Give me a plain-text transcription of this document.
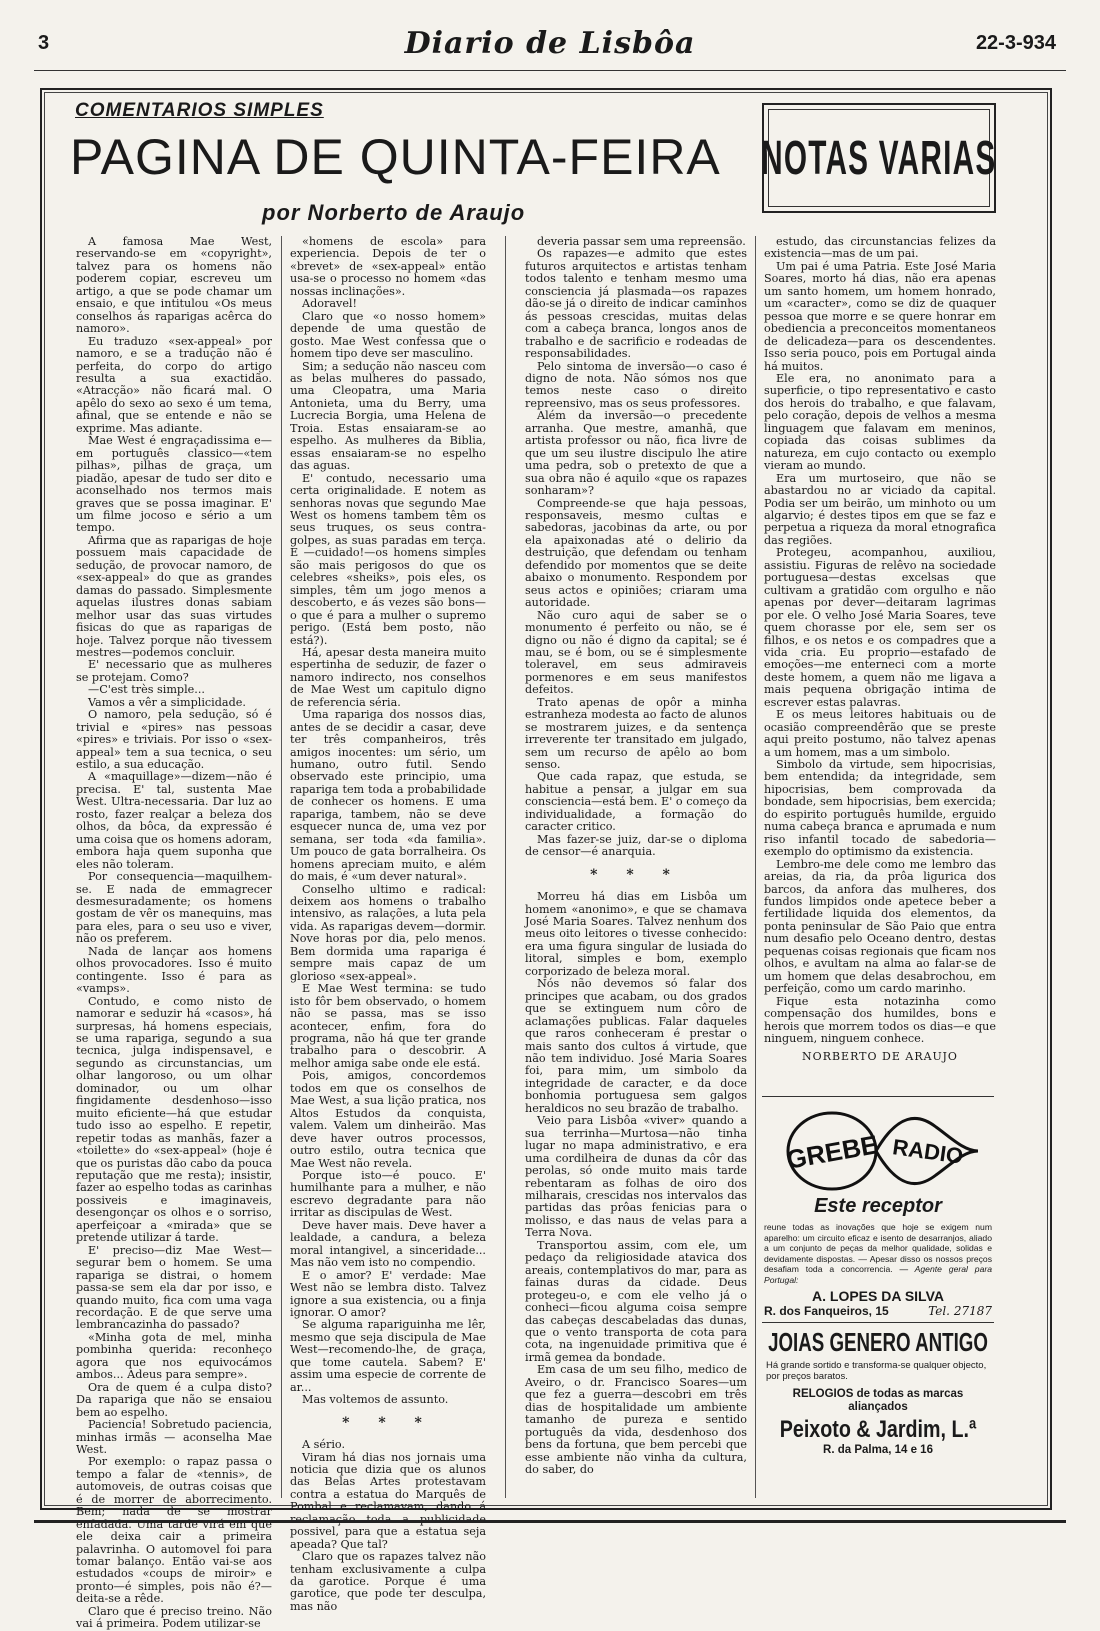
3	Diario de Lisbôa	22-3-934
COMENTARIOS SIMPLES
PAGINA DE QUINTA-FEIRA
por Norberto de Araujo
NOTAS VARIAS

A famosa Mae West, reservando-se em «copyright», talvez para os homens não poderem copiar, escreveu um artigo, a que se pode chamar um ensaio, e que intitulou «Os meus conselhos ás raparigas acêrca do namoro».

Eu traduzo «sex-appeal» por namoro, e se a tradução não é perfeita, do corpo do artigo resulta a sua exactidão. «Atracção» não ficará mal. O apêlo do sexo ao sexo é um tema, afinal, que se entende e não se exprime. Mas adiante.

Mae West é engraçadissima e—em português classico—«tem pilhas», pilhas de graça, um piadão, apesar de tudo ser dito e aconselhado nos termos mais graves que se possa imaginar. E' um filme jocoso e sério a um tempo.

Afirma que as raparigas de hoje possuem mais capacidade de sedução, de provocar namoro, de «sex-appeal» do que as grandes damas do passado. Simplesmente aquelas ilustres donas sabiam melhor usar das suas virtudes fisicas do que as raparigas de hoje. Talvez porque não tivessem mestres—podemos concluir.

E' necessario que as mulheres se protejam. Como?

—C'est très simple...

Vamos a vêr a simplicidade.

O namoro, pela sedução, só é trivial e «pires» nas pessoas «pires» e triviais. Por isso o «sex-appeal» tem a sua tecnica, o seu estilo, a sua educação.

A «maquillage»—dizem—não é precisa. E' tal, sustenta Mae West. Ultra-necessaria. Dar luz ao rosto, fazer realçar a beleza dos olhos, da bôca, da expressão é uma coisa que os homens adoram, embora haja quem suponha que eles não toleram.

Por consequencia—maquilhem-se. E nada de emmagrecer desmesuradamente; os homens gostam de vêr os manequins, mas para eles, para o seu uso e viver, não os preferem.

Nada de lançar aos homens olhos provocadores. Isso é muito contingente. Isso é para as «vamps».

Contudo, e como nisto de namorar e seduzir há «casos», há surpresas, há homens especiais, se uma rapariga, segundo a sua tecnica, julga indispensavel, e segundo as circunstancias, um olhar langoroso, ou um olhar dominador, ou um olhar fingidamente desdenhoso—isso muito eficiente—há que estudar tudo isso ao espelho. E repetir, repetir todas as manhãs, fazer a «toilette» do «sex-appeal» (hoje é que os puristas dão cabo da pouca reputação que me resta); insistir, fazer ao espelho todas as carinhas possiveis e imaginaveis, desengonçar os olhos e o sorriso, aperfeiçoar a «mirada» que se pretende utilizar á tarde.

E' preciso—diz Mae West—segurar bem o homem. Se uma rapariga se distrai, o homem passa-se sem ela dar por isso, e quando muito, fica com uma vaga recordação. E de que serve uma lembrancazinha do passado?

«Minha gota de mel, minha pombinha querida: reconheço agora que nos equivocámos ambos... Adeus para sempre».

Ora de quem é a culpa disto? Da rapariga que não se ensaiou bem ao espelho.

Paciencia! Sobretudo paciencia, minhas irmãs — aconselha Mae West.

Por exemplo: o rapaz passa o tempo a falar de «tennis», de automoveis, de outras coisas que é de morrer de aborrecimento. Bem; nada de se mostrar enfadada. Uma tarde virá em que ele deixa cair a primeira palavrinha. O automovel foi para tomar balanço. Então vai-se aos estudados «coups de miroir» e pronto—é simples, pois não é?—deita-se a rêde.

Claro que é preciso treino. Não vai á primeira. Podem utilizar-se

«homens de escola» para experiencia. Depois de ter o «brevet» de «sex-appeal» então usa-se o processo no homem «das nossas inclinações».

Adoravel!

Claro que «o nosso homem» depende de uma questão de gosto. Mae West confessa que o homem tipo deve ser masculino.

Sim; a sedução não nasceu com as belas mulheres do passado, uma Cleopatra, uma Maria Antonieta, uma du Berry, uma Lucrecia Borgia, uma Helena de Troia. Estas ensaiaram-se ao espelho. As mulheres da Biblia, essas ensaiaram-se no espelho das aguas.

E' contudo, necessario uma certa originalidade. E notem as senhoras novas que segundo Mae West os homens tambem têm os seus truques, os seus contra-golpes, as suas paradas em terça. E —cuidado!—os homens simples são mais perigosos do que os celebres «sheiks», pois eles, os simples, têm um jogo menos a descoberto, e ás vezes são bons—o que é para a mulher o supremo perigo. (Está bem posto, não está?).

Há, apesar desta maneira muito espertinha de seduzir, de fazer o namoro indirecto, nos conselhos de Mae West um capitulo digno de referencia séria.

Uma rapariga dos nossos dias, antes de se decidir a casar, deve ter três companheiros, três amigos inocentes: um sério, um humano, outro futil. Sendo observado este principio, uma rapariga tem toda a probabilidade de conhecer os homens. E uma rapariga, tambem, não se deve esquecer nunca de, uma vez por semana, ser toda «da familia». Um pouco de gata borralheira. Os homens apreciam muito, e além do mais, é «um dever natural».

Conselho ultimo e radical: deixem aos homens o trabalho intensivo, as ralações, a luta pela vida. As raparigas devem—dormir. Nove horas por dia, pelo menos. Bem dormida uma rapariga é sempre mais capaz de um glorioso «sex-appeal».

E Mae West termina: se tudo isto fôr bem observado, o homem não se passa, mas se isso acontecer, enfim, fora do programa, não há que ter grande trabalho para o descobrir. A melhor amiga sabe onde ele está.

Pois, amigos, concordemos todos em que os conselhos de Mae West, a sua lição pratica, nos Altos Estudos da conquista, valem. Valem um dinheirão. Mas deve haver outros processos, outro estilo, outra tecnica que Mae West não revela.

Porque isto—é pouco. E' humilhante para a mulher, e não escrevo degradante para não irritar as discipulas de West.

Deve haver mais. Deve haver a lealdade, a candura, a beleza moral intangivel, a sinceridade... Mas não vem isto no compendio.

E o amor? E' verdade: Mae West não se lembra disto. Talvez ignore a sua existencia, ou a finja ignorar. O amor?

Se alguma rapariguinha me lêr, mesmo que seja discipula de Mae West—recomendo-lhe, de graça, que tome cautela. Sabem? E' assim uma especie de corrente de ar...

Mas voltemos de assunto.

* * *

A sério.

Viram há dias nos jornais uma noticia que dizia que os alunos das Belas Artes protestavam contra a estatua do Marquês de Pombal e reclamavam, dando á reclamação toda a publicidade possivel, para que a estatua seja apeada? Que tal?

Claro que os rapazes talvez não tenham exclusivamente a culpa da garotice. Porque é uma garotice, que pode ter desculpa, mas não

deveria passar sem uma repreensão.

Os rapazes—e admito que estes futuros arquitectos e artistas tenham todos talento e tenham mesmo uma consciencia já plasmada—os rapazes dão-se já o direito de indicar caminhos ás pessoas crescidas, muitas delas com a cabeça branca, longos anos de trabalho e de sacrificio e rodeadas de responsabilidades.

Pelo sintoma de inversão—o caso é digno de nota. Não sómos nos que temos neste caso o direito repreensivo, mas os seus professores.

Além da inversão—o precedente arranha. Que mestre, amanhã, que artista professor ou não, fica livre de que um seu ilustre discipulo lhe atire uma pedra, sob o pretexto de que a sua obra não é aquilo «que os rapazes sonharam»?

Compreende-se que haja pessoas, responsaveis, mesmo cultas e sabedoras, jacobinas da arte, ou por ela apaixonadas até o delirio da destruição, que defendam ou tenham defendido por momentos que se deite abaixo o monumento. Respondem por seus actos e opiniões; criaram uma autoridade.

Não curo aqui de saber se o monumento é perfeito ou não, se é digno ou não é digno da capital; se é mau, se é bom, ou se é simplesmente toleravel, em seus admiraveis pormenores e em seus manifestos defeitos.

Trato apenas de opôr a minha estranheza modesta ao facto de alunos se mostrarem juizes, e da sentença irreverente ter transitado em julgado, sem um recurso de apêlo ao bom senso.

Que cada rapaz, que estuda, se habitue a pensar, a julgar em sua consciencia—está bem. E' o começo da individualidade, a formação do caracter critico.

Mas fazer-se juiz, dar-se o diploma de censor—é anarquia.

* * *

Morreu há dias em Lisbôa um homem «anonimo», e que se chamava José Maria Soares. Talvez nenhum dos meus oito leitores o tivesse conhecido: era uma figura singular de lusiada do litoral, simples e bom, exemplo corporizado de beleza moral.

Nós não devemos só falar dos principes que acabam, ou dos grados que se extinguem num côro de aclamações publicas. Falar daqueles que raros conheceram é prestar o mais santo dos cultos á virtude, que não tem individuo. José Maria Soares foi, para mim, um simbolo da integridade de caracter, e da doce bonhomia portuguesa sem galgos heraldicos no seu brazão de trabalho.

Veio para Lisbôa «viver» quando a sua terrinha—Murtosa—não tinha lugar no mapa administrativo, e era uma cordilheira de dunas da côr das perolas, só onde muito mais tarde rebentaram as folhas de oiro dos milharais, crescidas nos intervalos das partidas das prôas fenicias para o molisso, e das naus de velas para a Terra Nova.

Transportou assim, com ele, um pedaço da religiosidade atavica dos areais, contemplativos do mar, para as fainas duras da cidade. Deus protegeu-o, e com ele velho já o conheci—ficou alguma coisa sempre das cabeças descabeladas das dunas, que o vento transporta de cota para cota, na ingenuidade primitiva que é irmã gemea da bondade.

Em casa de um seu filho, medico de Aveiro, o dr. Francisco Soares—um que fez a guerra—descobri em três dias de hospitalidade um ambiente tamanho de pureza e sentido português da vida, desdenhoso dos bens da fortuna, que bem percebi que esse ambiente não vinha da cultura, do saber, do

estudo, das circunstancias felizes da existencia—mas de um pai.

Um pai é uma Patria. Este José Maria Soares, morto há dias, não era apenas um santo homem, um homem honrado, um «caracter», como se diz de quaquer pessoa que morre e se quere honrar em obediencia a preconceitos momentaneos de delicadeza—para os descendentes. Isso seria pouco, pois em Portugal ainda há muitos.

Ele era, no anonimato para a superficie, o tipo representativo e casto dos herois do trabalho, e que falavam, pelo coração, depois de velhos a mesma linguagem que falavam em meninos, copiada das coisas sublimes da natureza, em cujo contacto ou exemplo vieram ao mundo.

Era um murtoseiro, que não se abastardou no ar viciado da capital. Podia ser um beirão, um minhoto ou um algarvio; é destes tipos em que se faz e perpetua a riqueza da moral etnografica das regiões.

Protegeu, acompanhou, auxiliou, assistiu. Figuras de relêvo na sociedade portuguesa—destas excelsas que cultivam a gratidão com orgulho e não apenas por dever—deitaram lagrimas por ele. O velho José Maria Soares, teve quem chorasse por ele, sem ser os filhos, e os netos e os compadres que a vida cria. Eu proprio—estafado de emoções—me enterneci com a morte deste homem, a quem não me ligava a mais pequena obrigação intima de escrever estas palavras.

E os meus leitores habituais ou de ocasião compreendêrão que se preste aqui preito postumo, não talvez apenas a um homem, mas a um simbolo.

Simbolo da virtude, sem hipocrisias, bem entendida; da integridade, sem hipocrisias, bem comprovada da bondade, sem hipocrisias, bem exercida; do espirito português humilde, erguido numa cabeça branca e aprumada e num riso infantil tocado de sabedoria—exemplo do optimismo da existencia.

Lembro-me dele como me lembro das areias, da ria, da prôa ligurica dos barcos, da anfora das mulheres, dos fundos limpidos onde apetece beber a fertilidade liquida dos elementos, da ponta peninsular de São Paio que entra num desafio pelo Oceano dentro, destas pequenas coisas regionais que ficam nos olhos, e avultam na alma ao falar-se de um homem que delas desabrochou, em perfeição, como um cardo marinho.

Fique esta notazinha como compensação dos humildes, bons e herois que morrem todos os dias—e que ninguem, ninguem conhece.

NORBERTO DE ARAUJO

GREBE RADIO
Este receptor
reune todas as inovações que hoje se exigem num aparelho: um circuito eficaz e isento de desarranjos, aliado a um conjunto de peças da melhor qualidade, solidas e devidamente dispostas. — Apesar disso os nossos preços desafiam toda a concorrencia. — Agente geral para Portugal:
A. LOPES DA SILVA
R. dos Fanqueiros, 15	Tel. 27187
JOIAS GENERO ANTIGO
Há grande sortido e transforma-se qualquer objecto, por preços baratos.
RELOGIOS de todas as marcas
aliançados
Peixoto & Jardim, L.ª
R. da Palma, 14 e 16
